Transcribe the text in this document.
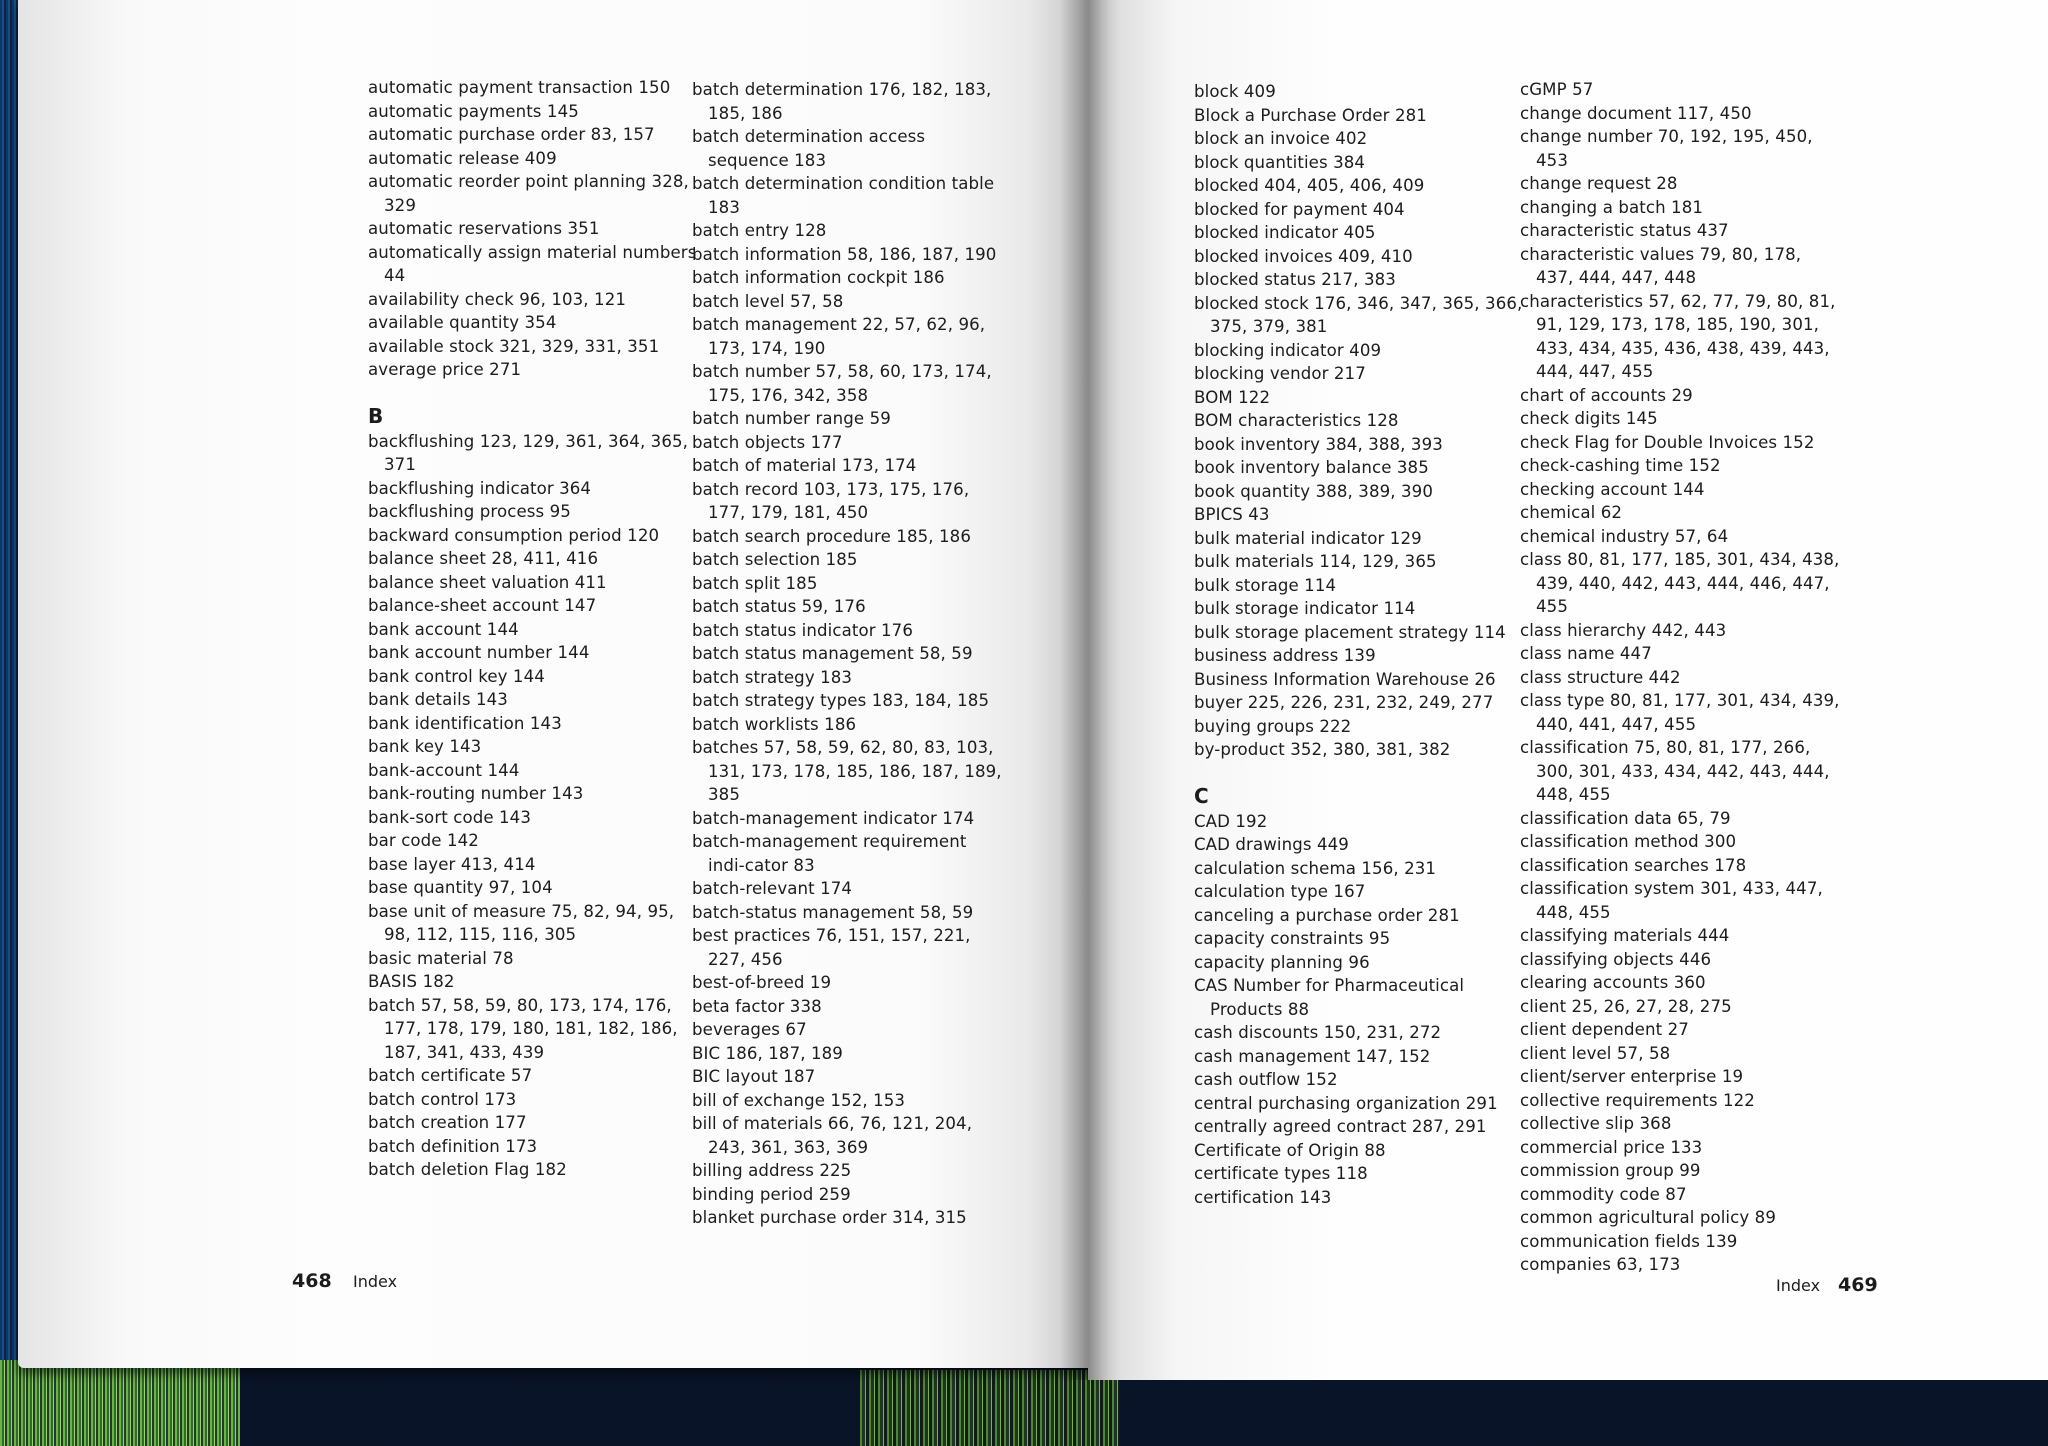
automatic payment transaction 150

automatic payments 145

automatic purchase order 83, 157

automatic release 409

automatic reorder point planning 328, 329

automatic reservations 351

automatically assign material numbers 44

availability check 96, 103, 121

available quantity 354

available stock 321, 329, 331, 351

average price 271

B

backflushing 123, 129, 361, 364, 365, 371

backflushing indicator 364

backflushing process 95

backward consumption period 120

balance sheet 28, 411, 416

balance sheet valuation 411

balance-sheet account 147

bank account 144

bank account number 144

bank control key 144

bank details 143

bank identification 143

bank key 143

bank-account 144

bank-routing number 143

bank-sort code 143

bar code 142

base layer 413, 414

base quantity 97, 104

base unit of measure 75, 82, 94, 95, 98, 112, 115, 116, 305

basic material 78

BASIS 182

batch 57, 58, 59, 80, 173, 174, 176, 177, 178, 179, 180, 181, 182, 186, 187, 341, 433, 439

batch certificate 57

batch control 173

batch creation 177

batch definition 173

batch deletion Flag 182

batch determination 176, 182, 183, 185, 186

batch determination access sequence 183

batch determination condition table 183

batch entry 128

batch information 58, 186, 187, 190

batch information cockpit 186

batch level 57, 58

batch management 22, 57, 62, 96, 173, 174, 190

batch number 57, 58, 60, 173, 174, 175, 176, 342, 358

batch number range 59

batch objects 177

batch of material 173, 174

batch record 103, 173, 175, 176, 177, 179, 181, 450

batch search procedure 185, 186

batch selection 185

batch split 185

batch status 59, 176

batch status indicator 176

batch status management 58, 59

batch strategy 183

batch strategy types 183, 184, 185

batch worklists 186

batches 57, 58, 59, 62, 80, 83, 103, 131, 173, 178, 185, 186, 187, 189, 385

batch-management indicator 174

batch-management requirement indi-cator 83

batch-relevant 174

batch-status management 58, 59

best practices 76, 151, 157, 221, 227, 456

best-of-breed 19

beta factor 338

beverages 67

BIC 186, 187, 189

BIC layout 187

bill of exchange 152, 153

bill of materials 66, 76, 121, 204, 243, 361, 363, 369

billing address 225

binding period 259

blanket purchase order 314, 315

468 Index

block 409

Block a Purchase Order 281

block an invoice 402

block quantities 384

blocked 404, 405, 406, 409

blocked for payment 404

blocked indicator 405

blocked invoices 409, 410

blocked status 217, 383

blocked stock 176, 346, 347, 365, 366, 375, 379, 381

blocking indicator 409

blocking vendor 217

BOM 122

BOM characteristics 128

book inventory 384, 388, 393

book inventory balance 385

book quantity 388, 389, 390

BPICS 43

bulk material indicator 129

bulk materials 114, 129, 365

bulk storage 114

bulk storage indicator 114

bulk storage placement strategy 114

business address 139

Business Information Warehouse 26

buyer 225, 226, 231, 232, 249, 277

buying groups 222

by-product 352, 380, 381, 382

C

CAD 192

CAD drawings 449

calculation schema 156, 231

calculation type 167

canceling a purchase order 281

capacity constraints 95

capacity planning 96

CAS Number for Pharmaceutical Products 88

cash discounts 150, 231, 272

cash management 147, 152

cash outflow 152

central purchasing organization 291

centrally agreed contract 287, 291

Certificate of Origin 88

certificate types 118

certification 143

cGMP 57

change document 117, 450

change number 70, 192, 195, 450, 453

change request 28

changing a batch 181

characteristic status 437

characteristic values 79, 80, 178, 437, 444, 447, 448

characteristics 57, 62, 77, 79, 80, 81, 91, 129, 173, 178, 185, 190, 301, 433, 434, 435, 436, 438, 439, 443, 444, 447, 455

chart of accounts 29

check digits 145

check Flag for Double Invoices 152

check-cashing time 152

checking account 144

chemical 62

chemical industry 57, 64

class 80, 81, 177, 185, 301, 434, 438, 439, 440, 442, 443, 444, 446, 447, 455

class hierarchy 442, 443

class name 447

class structure 442

class type 80, 81, 177, 301, 434, 439, 440, 441, 447, 455

classification 75, 80, 81, 177, 266, 300, 301, 433, 434, 442, 443, 444, 448, 455

classification data 65, 79

classification method 300

classification searches 178

classification system 301, 433, 447, 448, 455

classifying materials 444

classifying objects 446

clearing accounts 360

client 25, 26, 27, 28, 275

client dependent 27

client level 57, 58

client/server enterprise 19

collective requirements 122

collective slip 368

commercial price 133

commission group 99

commodity code 87

common agricultural policy 89

communication fields 139

companies 63, 173

Index 469
